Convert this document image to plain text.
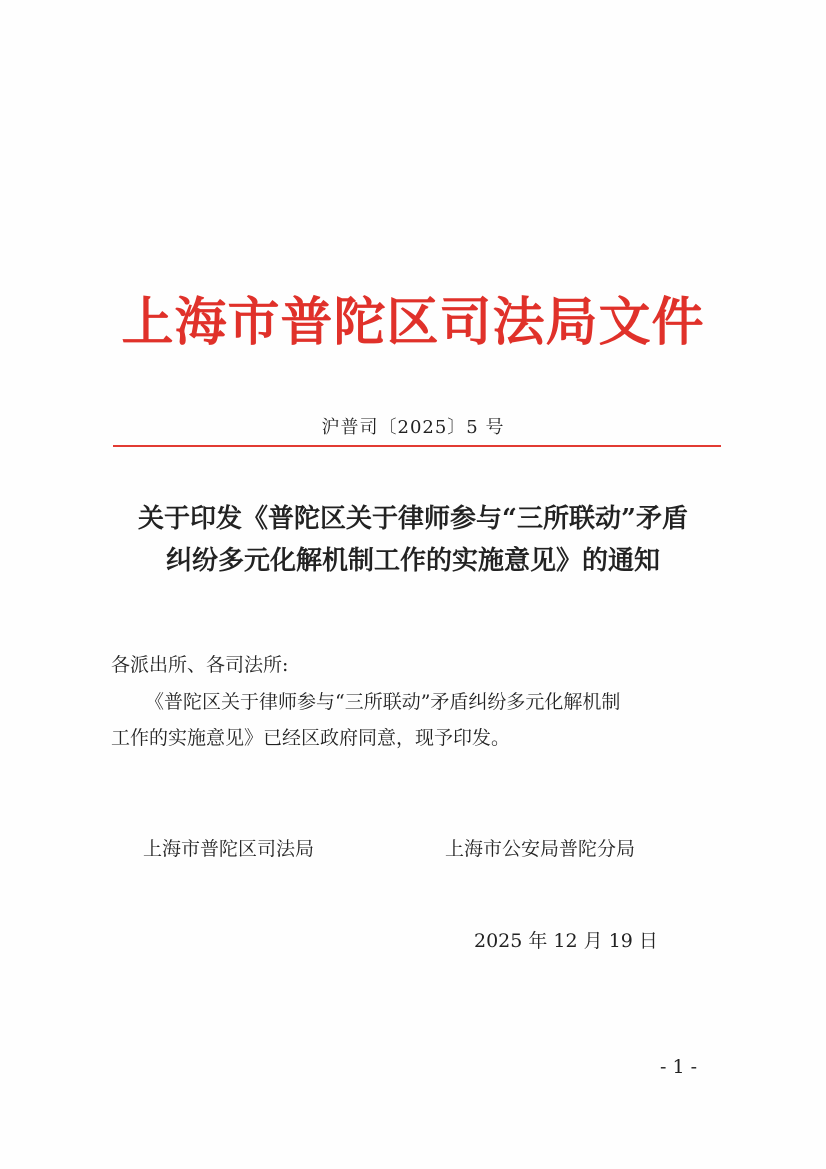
上海市普陀区司法局文件
沪普司〔2025〕5 号
关于印发《普陀区关于律师参与“三所联动”矛盾
纠纷多元化解机制工作的实施意见》的通知
各派出所、各司法所:
《普陀区关于律师参与“三所联动”矛盾纠纷多元化解机制
工作的实施意见》已经区政府同意，现予印发。
上海市普陀区司法局	上海市公安局普陀分局
2025 年 12 月 19 日
- 1 -
